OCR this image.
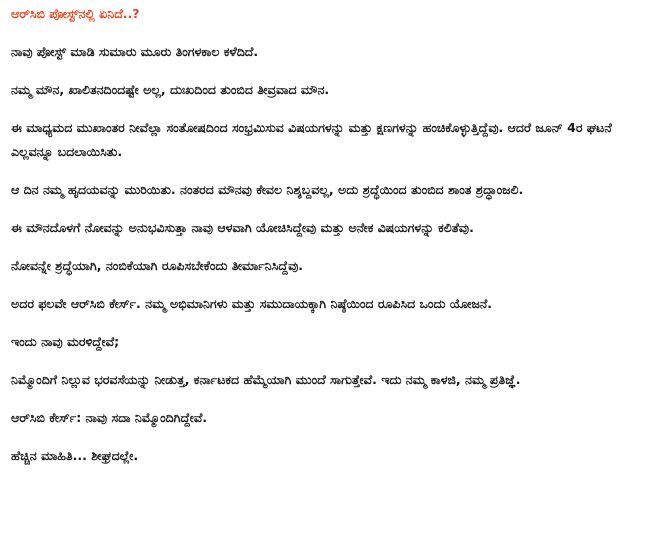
ಆರ್‌ಸಿಬಿ ಪೋಸ್ಟ್‌ನಲ್ಲಿ ಏನಿದೆ..?
ನಾವು ಪೋಸ್ಟ್ ಮಾಡಿ ಸುಮಾರು ಮೂರು ತಿಂಗಳಕಾಲ ಕಳೆದಿದೆ.
ನಮ್ಮ ಮೌನ, ಖಾಲಿತನದಿಂದಷ್ಟೇ ಅಲ್ಲ, ದುಃಖದಿಂದ ತುಂಬಿದ ತೀವ್ರವಾದ ಮೌನ.
ಈ ಮಾಧ್ಯಮದ ಮುಖಾಂತರ ನೀವೆಲ್ಲಾ ಸಂತೋಷದಿಂದ ಸಂಭ್ರಮಿಸುವ ವಿಷಯಗಳನ್ನು ಮತ್ತು ಕ್ಷಣಗಳನ್ನು ಹಂಚಿಕೊಳ್ಳುತ್ತಿದ್ದೆವು. ಆದರೆ ಜೂನ್ 4ರ ಘಟನೆ ಎಲ್ಲವನ್ನೂ ಬದಲಾಯಿಸಿತು.
ಆ ದಿನ ನಮ್ಮ ಹೃದಯವನ್ನು ಮುರಿಯಿತು. ನಂತರದ ಮೌನವು ಕೇವಲ ನಿಶ್ಶಬ್ದವಲ್ಲ, ಅದು ಶ್ರದ್ಧೆಯಿಂದ ತುಂಬಿದ ಶಾಂತ ಶ್ರದ್ಧಾಂಜಲಿ.
ಈ ಮೌನದೊಳಗೆ ನೋವನ್ನು ಅನುಭವಿಸುತ್ತಾ ನಾವು ಆಳವಾಗಿ ಯೋಚಿಸಿದ್ದೇವು ಮತ್ತು ಅನೇಕ ವಿಷಯಗಳನ್ನು ಕಲಿತೆವು.
ನೋವನ್ನೇ ಶ್ರದ್ಧೆಯಾಗಿ, ನಂಬಿಕೆಯಾಗಿ ರೂಪಿಸಬೇಕೆಂದು ತೀರ್ಮಾನಿಸಿದ್ದೆವು.
ಅದರ ಫಲವೇ ಆರ್‌ಸಿಬಿ ಕೇರ್ಸ್. ನಮ್ಮ ಅಭಿಮಾನಿಗಳು ಮತ್ತು ಸಮುದಾಯಕ್ಕಾಗಿ ನಿಷ್ಠೆಯಿಂದ ರೂಪಿಸಿದ ಒಂದು ಯೋಜನೆ.
ಇಂದು ನಾವು ಮರಳಿದ್ದೇವೆ;
ನಿಮ್ಮೊಂದಿಗೆ ನಿಲ್ಲುವ ಭರವಸೆಯನ್ನು ನೀಡುತ್ತ, ಕರ್ನಾಟಕದ ಹೆಮ್ಮೆಯಾಗಿ ಮುಂದೆ ಸಾಗುತ್ತೇವೆ. ಇದು ನಮ್ಮ ಕಾಳಜಿ, ನಮ್ಮ ಪ್ರತಿಜ್ಞೆ.
ಆರ್‌ಸಿಬಿ ಕೇರ್ಸ್: ನಾವು ಸದಾ ನಿಮ್ಮೊಂದಿಗಿದ್ದೇವೆ.
ಹೆಚ್ಚಿನ ಮಾಹಿತಿ... ಶೀಘ್ರದಲ್ಲೇ.
